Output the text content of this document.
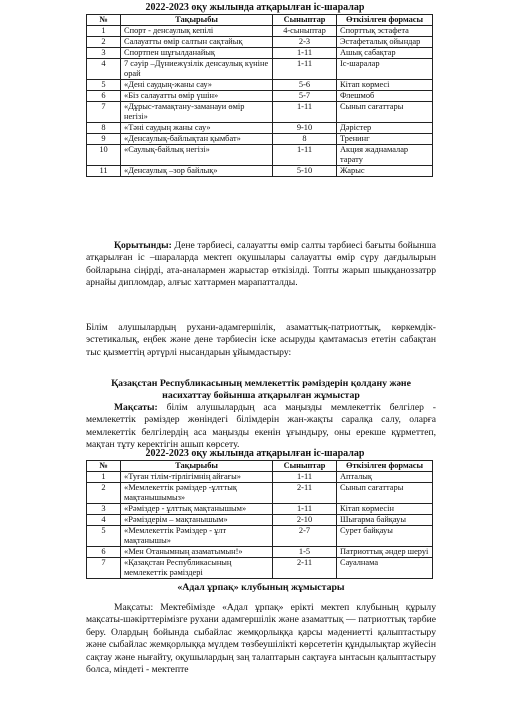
2022-2023 оқу жылында атқарылған іс-шаралар
№	Тақырыбы	Сыныптар	Өткізілген формасы
1	Спорт - денсаулық кепілі	4-сыныптар	Спорттық эстафета
2	Салауатты өмір салтын сақтайық	2-3	Эстафеталық ойындар
3	Спортпен шұғылданайық	1-11	Ашық сабақтар
4	7 сәуір –Дүниежүзілік денсаулық күніне орай	1-11	Іс-шаралар
5	«Дені саудың-жаны сау»	5-6	Кітап көрмесі
6	«Біз салауатты өмір үшін»	5-7	Флешмоб
7	«Дұрыс-тамақтану-заманауи өмір негізі»	1-11	Сынып сағаттары
8	«Тәні саудың жаны сау»	9-10	Дәрістер
9	«Денсаулық-байлықтан қымбат»	8	Тренинг
10	«Саулық-байлық негізі»	1-11	Акция жаднамалар тарату
11	«Денсаулық –зор байлық»	5-10	Жарыс

Қорытынды: Дене тәрбиесі, салауатты өмір салты тәрбиесі бағыты бойынша атқарылған іс –шараларда мектеп оқушылары салауатты өмір сүру дағдылырын бойларына сіңірді, ата-аналармен жарыстар өткізілді. Топты жарып шыққаноззатрр арнайы дипломдар, алғыс хаттармен марапатталды.

Білім алушылардың рухани-адамгершілік, азаматтық-патриоттық, көркемдік-эстетикалық, еңбек және дене тәрбиесін іске асыруды қамтамасыз ететін сабақтан тыс қызметтің әртүрлі нысандарын ұйымдастыру:

Қазақстан Республикасының мемлекеттік рәміздерін қолдану және
насихаттау бойынша атқарылған жұмыстар

Мақсаты: білім алушылардың аса маңызды мемлекеттік белгілер - мемлекеттік рәміздер жөніндегі білімдерін жан-жақты саралқа салу, оларға мемлекеттік белгілердің аса маңызды екенін ұғындыру, оны ерекше құрметтеп, мақтан тұту керектігін ашып көрсету.

2022-2023 оқу жылында атқарылған іс-шаралар
№	Тақырыбы	Сыныптар	Өткізілген формасы
1	«Туған тілім-тірлігімнің айғағы»	1-11	Апталық
2	«Мемлекеттік рәміздер -ұлттық мақтанышымыз»	2-11	Сынып сағаттары
3	«Рәміздер - ұлттық мақтанышым»	1-11	Кітап көрмесін
4	«Рәміздерім – мақтанышым»	2-10	Шығарма байқауы
5	«Мемлекеттік Рәміздер - ұлт мақтанышы»	2-7	Сурет байқауы
6	«Мен Отанымның азаматымын!»	1-5	Патриоттық әндер шеруі
7	«Қазақстан Республикасының мемлекеттік рәміздері	2-11	Сауалнама
«Адал ұрпақ» клубының жұмыстары

Мақсаты: Мектебімізде «Адал ұрпақ» ерікті мектеп клубының құрылу мақсаты-шәкірттерімізге рухани адамгершілік және азаматтық — патриоттық тәрбие беру. Олардың бойында сыбайлас жемқорлыққа қарсы мәдениетті қалыптастыру және сыбайлас жемқорлыққа мүлдем төзбеушілікті көрсететін құндылықтар жүйесін сақтау және нығайту, оқушылардың заң талаптарын сақтауға ынтасын қалыптастыру болса, міндеті - мектепте
